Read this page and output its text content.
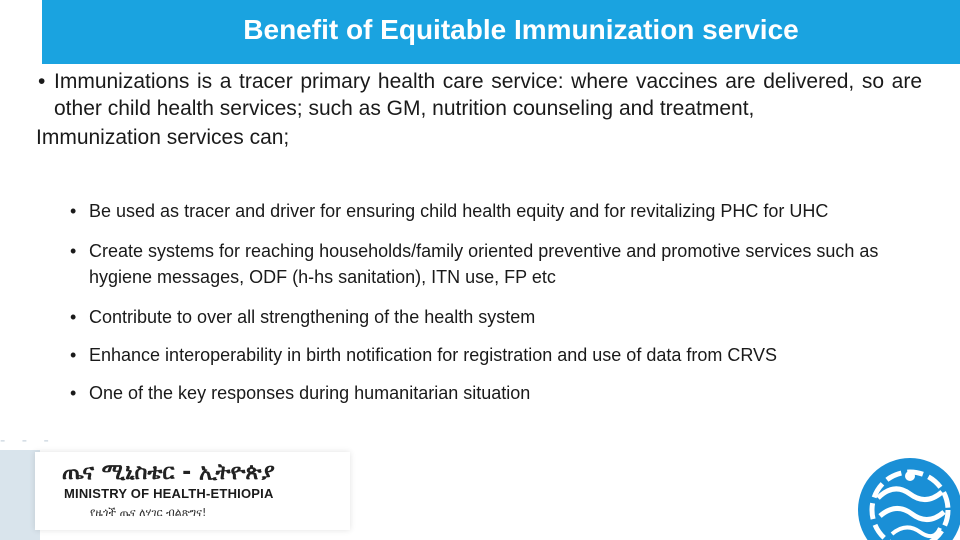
Benefit of Equitable Immunization service
• Immunizations is a tracer primary health care service: where vaccines are delivered, so are other child health services; such as GM, nutrition counseling and treatment,
Immunization services can;
• Be used as tracer and driver for ensuring child health equity and for revitalizing PHC for UHC
• Create systems for reaching households/family oriented preventive and promotive services such as hygiene messages, ODF (h-hs sanitation), ITN use, FP etc
• Contribute to over all strengthening of the health system
• Enhance interoperability in birth notification for registration and use of data from CRVS
• One of the key responses during humanitarian situation
- - -
ጤና ሚኒስቴር - ኢትዮጵያ
MINISTRY OF HEALTH-ETHIOPIA
የዜጎች ጤና ለሃገር ብልጽግና!
